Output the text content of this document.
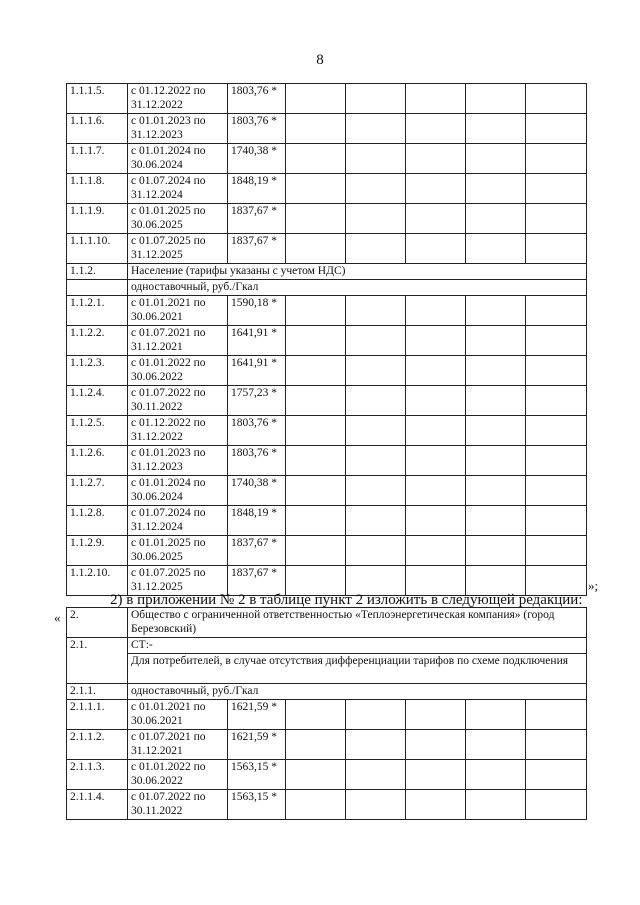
8
1.1.1.5.	с 01.12.2022 по 31.12.2022	1803,76 *					
1.1.1.6.	с 01.01.2023 по 31.12.2023	1803,76 *					
1.1.1.7.	с 01.01.2024 по 30.06.2024	1740,38 *					
1.1.1.8.	с 01.07.2024 по 31.12.2024	1848,19 *					
1.1.1.9.	с 01.01.2025 по 30.06.2025	1837,67 *					
1.1.1.10.	с 01.07.2025 по 31.12.2025	1837,67 *					
1.1.2.	Население (тарифы указаны с учетом НДС)						
	одноставочный, руб./Гкал						
1.1.2.1.	с 01.01.2021 по 30.06.2021	1590,18 *					
1.1.2.2.	с 01.07.2021 по 31.12.2021	1641,91 *					
1.1.2.3.	с 01.01.2022 по 30.06.2022	1641,91 *					
1.1.2.4.	с 01.07.2022 по 30.11.2022	1757,23 *					
1.1.2.5.	с 01.12.2022 по 31.12.2022	1803,76 *					
1.1.2.6.	с 01.01.2023 по 31.12.2023	1803,76 *					
1.1.2.7.	с 01.01.2024 по 30.06.2024	1740,38 *					
1.1.2.8.	с 01.07.2024 по 31.12.2024	1848,19 *					
1.1.2.9.	с 01.01.2025 по 30.06.2025	1837,67 *					
1.1.2.10.	с 01.07.2025 по 31.12.2025	1837,67 *					
»;
2) в приложении № 2 в таблице пункт 2 изложить в следующей редакции:
« 2.	Общество с ограниченной ответственностью «Теплоэнергетическая компания» (город Березовский)						
2.1.	СТ:-						
	Для потребителей, в случае отсутствия дифференциации тарифов по схеме подключения						
2.1.1.	одноставочный, руб./Гкал						
2.1.1.1.	с 01.01.2021 по 30.06.2021	1621,59 *					
2.1.1.2.	с 01.07.2021 по 31.12.2021	1621,59 *					
2.1.1.3.	с 01.01.2022 по 30.06.2022	1563,15 *					
2.1.1.4.	с 01.07.2022 по 30.11.2022	1563,15 *					
